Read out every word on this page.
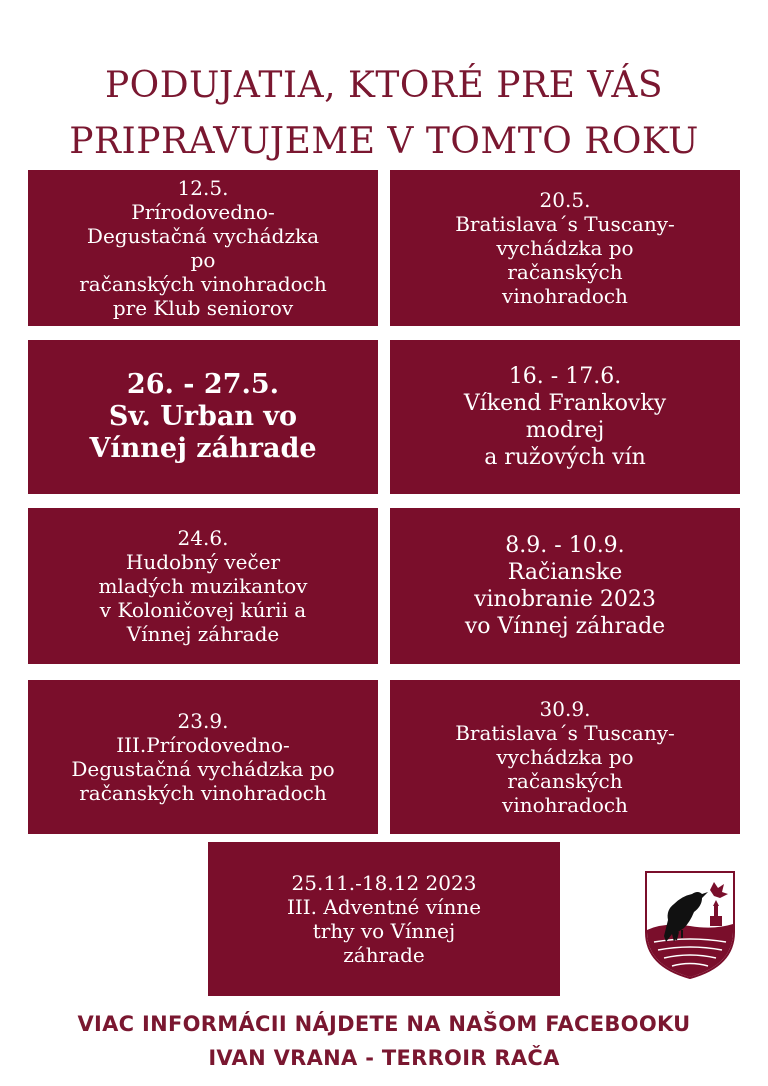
PODUJATIA, KTORÉ PRE VÁS
PRIPRAVUJEME V TOMTO ROKU
12.5.
Prírodovedno-
Degustačná vychádzka
po
račanských vinohradoch
pre Klub seniorov
20.5.
Bratislava´s Tuscany-
vychádzka po
račanských
vinohradoch
26. - 27.5.
Sv. Urban vo
Vínnej záhrade
16. - 17.6.
Víkend Frankovky
modrej
a ružových vín
24.6.
Hudobný večer
mladých muzikantov
v Koloničovej kúrii a
Vínnej záhrade
8.9. - 10.9.
Račianske
vinobranie 2023
vo Vínnej záhrade
23.9.
III.Prírodovedno-
Degustačná vychádzka po
račanských vinohradoch
30.9.
Bratislava´s Tuscany-
vychádzka po
račanských
vinohradoch
25.11.-18.12 2023
III. Adventné vínne
trhy vo Vínnej
záhrade
VIAC INFORMÁCII NÁJDETE NA NAŠOM FACEBOOKU
IVAN VRANA - TERROIR RAČA
